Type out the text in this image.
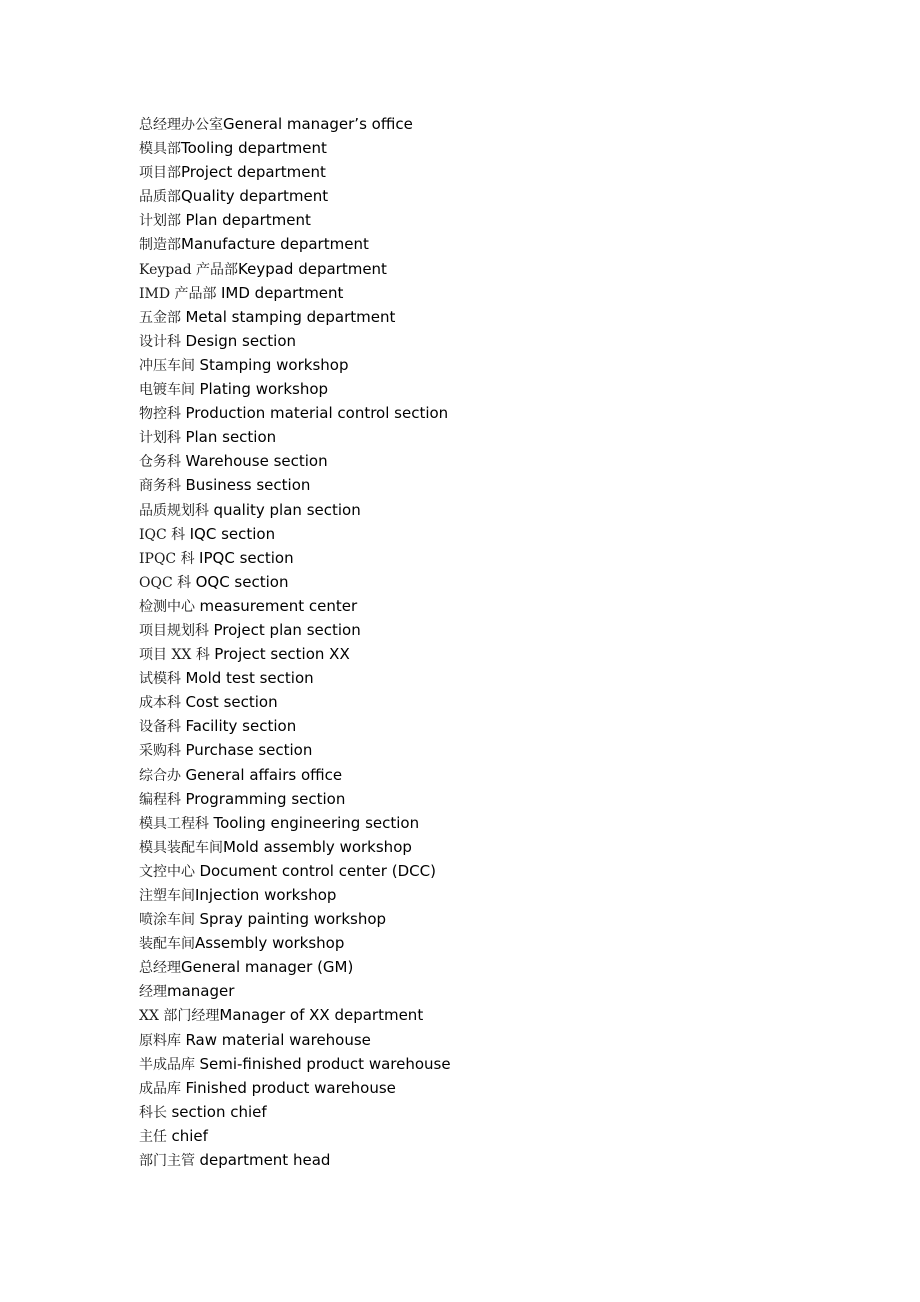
总经理办公室General manager’s office
模具部Tooling department
项目部Project department
品质部Quality department
计划部 Plan department
制造部Manufacture department
Keypad 产品部Keypad department
IMD 产品部 IMD department
五金部 Metal stamping department
设计科 Design section
冲压车间 Stamping workshop
电镀车间 Plating workshop
物控科 Production material control section
计划科 Plan section
仓务科 Warehouse section
商务科 Business section
品质规划科 quality plan section
IQC 科 IQC section
IPQC 科 IPQC section
OQC 科 OQC section
检测中心 measurement center
项目规划科 Project plan section
项目 XX 科 Project section XX
试模科 Mold test section
成本科 Cost section
设备科 Facility section
采购科 Purchase section
综合办 General affairs office
编程科 Programming section
模具工程科 Tooling engineering section
模具装配车间Mold assembly workshop
文控中心 Document control center (DCC)
注塑车间Injection workshop
喷涂车间 Spray painting workshop
装配车间Assembly workshop
总经理General manager (GM)
经理manager
XX 部门经理Manager of XX department
原料库 Raw material warehouse
半成品库 Semi-finished product warehouse
成品库 Finished product warehouse
科长 section chief
主任 chief
部门主管 department head
